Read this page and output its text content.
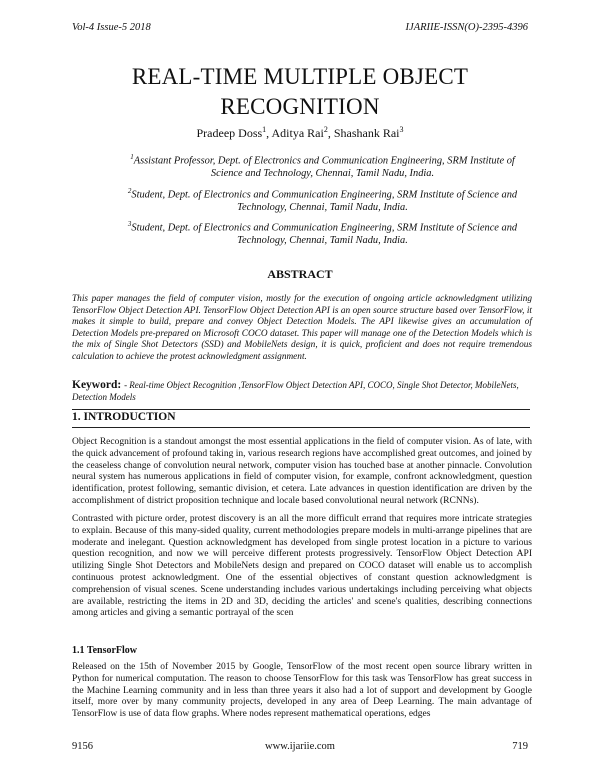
Vol-4 Issue-5 2018	IJARIIE-ISSN(O)-2395-4396
REAL-TIME MULTIPLE OBJECT RECOGNITION
Pradeep Doss$^1$, Aditya Rai$^2$, Shashank Rai$^3$
$^1$Assistant Professor, Dept. of Electronics and Communication Engineering, SRM Institute of Science and Technology, Chennai, Tamil Nadu, India.
$^2$Student, Dept. of Electronics and Communication Engineering, SRM Institute of Science and Technology, Chennai, Tamil Nadu, India.
$^3$Student, Dept. of Electronics and Communication Engineering, SRM Institute of Science and Technology, Chennai, Tamil Nadu, India.
ABSTRACT
This paper manages the field of computer vision, mostly for the execution of ongoing article acknowledgment utilizing TensorFlow Object Detection API. TensorFlow Object Detection API is an open source structure based over TensorFlow, it makes it simple to build, prepare and convey Object Detection Models. The API likewise gives an accumulation of Detection Models pre-prepared on Microsoft COCO dataset. This paper will manage one of the Detection Models which is the mix of Single Shot Detectors (SSD) and MobileNets design, it is quick, proficient and does not require tremendous calculation to achieve the protest acknowledgment assignment.
Keyword: - Real-time Object Recognition ,TensorFlow Object Detection API, COCO, Single Shot Detector, MobileNets, Detection Models
1. INTRODUCTION
Object Recognition is a standout amongst the most essential applications in the field of computer vision. As of late, with the quick advancement of profound taking in, various research regions have accomplished great outcomes, and joined by the ceaseless change of convolution neural network, computer vision has touched base at another pinnacle. Convolution neural system has numerous applications in field of computer vision, for example, confront acknowledgment, question identification, protest following, semantic division, et cetera. Late advances in question identification are driven by the accomplishment of district proposition technique and locale based convolutional neural network (RCNNs).
Contrasted with picture order, protest discovery is an all the more difficult errand that requires more intricate strategies to explain. Because of this many-sided quality, current methodologies prepare models in multi-arrange pipelines that are moderate and inelegant. Question acknowledgment has developed from single protest location in a picture to various question recognition, and now we will perceive different protests progressively. TensorFlow Object Detection API utilizing Single Shot Detectors and MobileNets design and prepared on COCO dataset will enable us to accomplish continuous protest acknowledgment. One of the essential objectives of constant question acknowledgment is comprehension of visual scenes. Scene understanding includes various undertakings including perceiving what objects are available, restricting the items in 2D and 3D, deciding the articles' and scene's qualities, describing connections among articles and giving a semantic portrayal of the scen
1.1 TensorFlow
Released on the 15th of November 2015 by Google, TensorFlow of the most recent open source library written in Python for numerical computation. The reason to choose TensorFlow for this task was TensorFlow has great success in the Machine Learning community and in less than three years it also had a lot of support and development by Google itself, more over by many community projects, developed in any area of Deep Learning. The main advantage of TensorFlow is use of data flow graphs. Where nodes represent mathematical operations, edges
9156	www.ijariie.com	719
